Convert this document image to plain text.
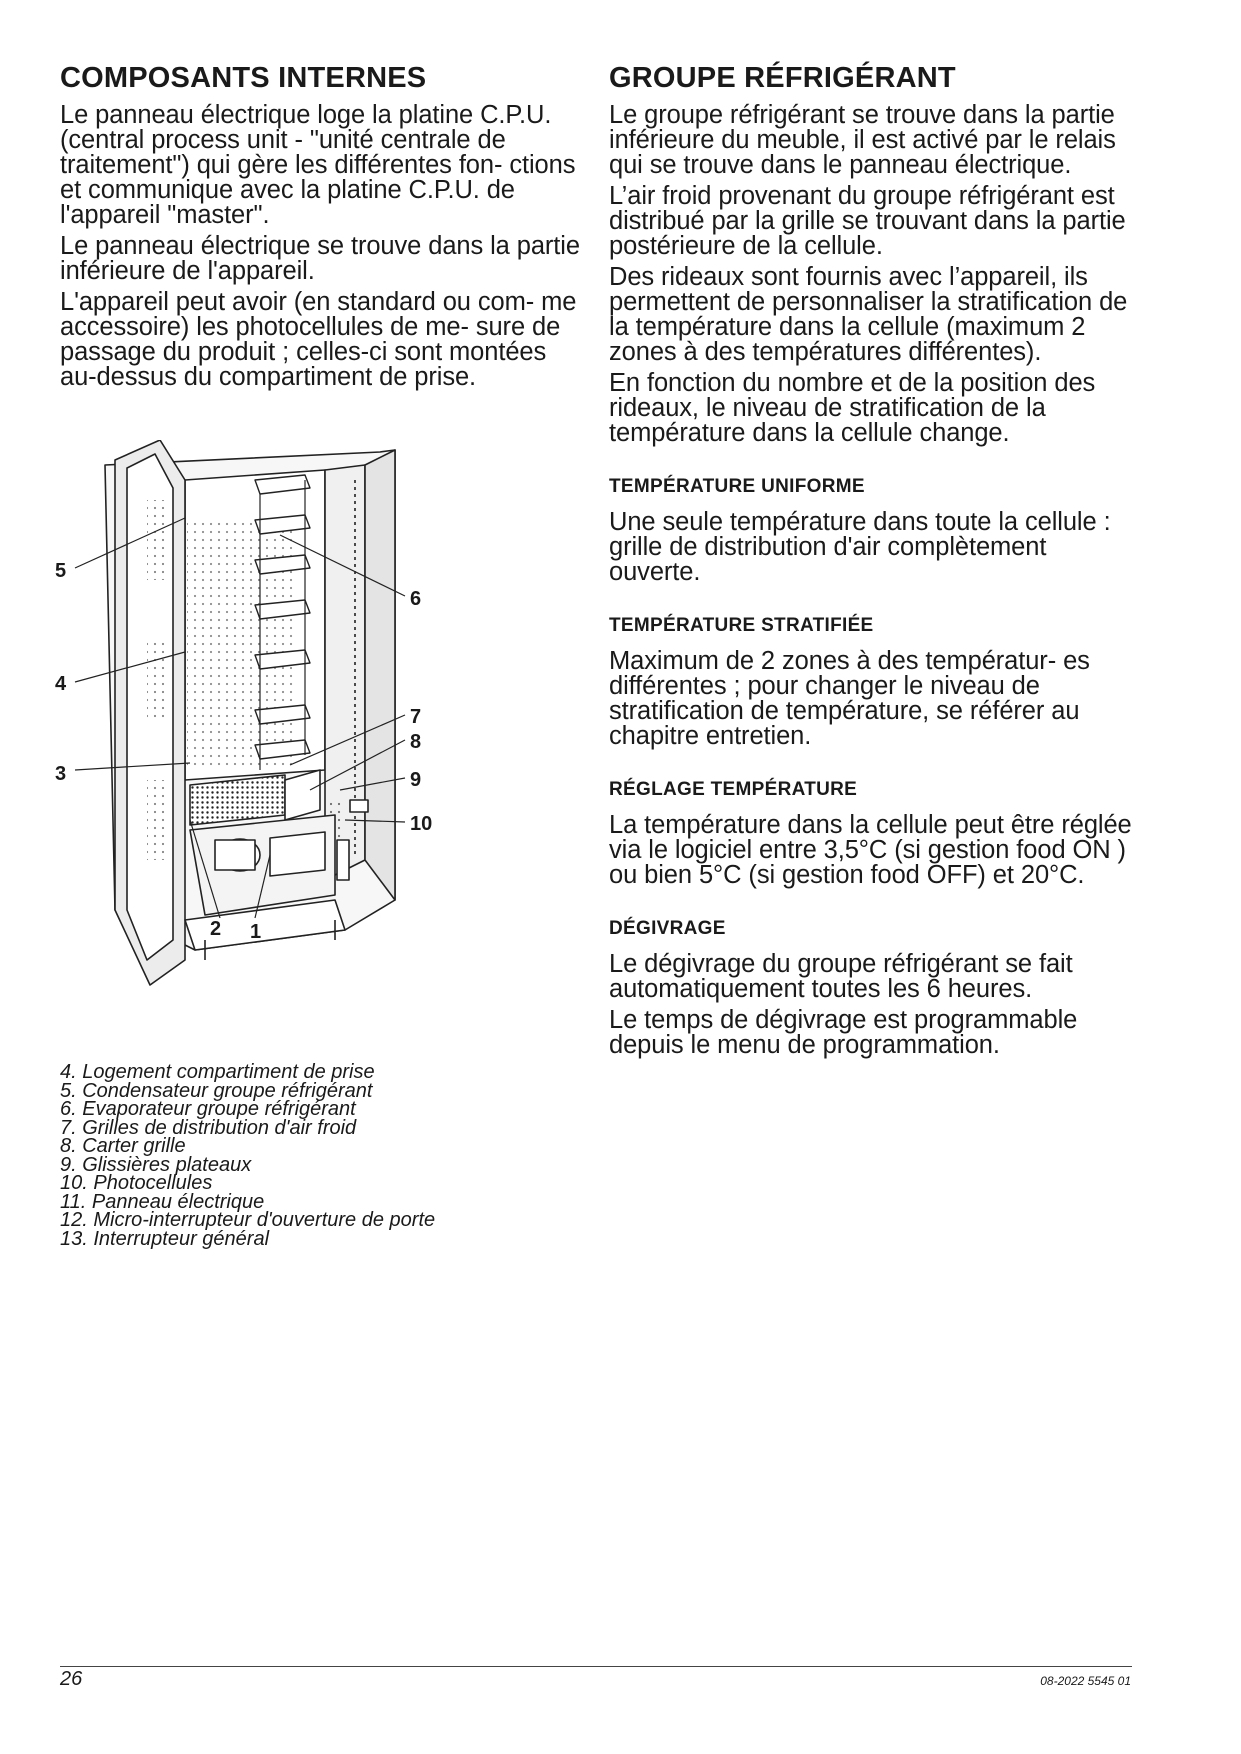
COMPOSANTS INTERNES

Le panneau électrique loge la platine C.P.U. (central process unit - "unité centrale de traitement") qui gère les différentes fon- ctions et communique avec la platine C.P.U. de l'appareil "master".

Le panneau électrique se trouve dans la partie inférieure de l'appareil.

L'appareil peut avoir (en standard ou com- me accessoire) les photocellules de me- sure de passage du produit ; celles-ci sont montées au-dessus du compartiment de prise.

5
4
3
6
7
8
9
10
2 1

4. Logement compartiment de prise

5. Condensateur groupe réfrigérant

6. Evaporateur groupe réfrigérant

7. Grilles de distribution d'air froid

8. Carter grille

9. Glissières plateaux

10. Photocellules

11. Panneau électrique

12. Micro-interrupteur d'ouverture de porte

13. Interrupteur général

GROUPE RÉFRIGÉRANT

Le groupe réfrigérant se trouve dans la partie inférieure du meuble, il est activé par le relais qui se trouve dans le panneau électrique.

L’air froid provenant du groupe réfrigérant est distribué par la grille se trouvant dans la partie postérieure de la cellule.

Des rideaux sont fournis avec l’appareil, ils permettent de personnaliser la stratification de la température dans la cellule (maximum 2 zones à des températures différentes).

En fonction du nombre et de la position des rideaux, le niveau de stratification de la température dans la cellule change.

TEMPÉRATURE UNIFORME

Une seule température dans toute la cellule : grille de distribution d'air complètement ouverte.

TEMPÉRATURE STRATIFIÉE

Maximum de 2 zones à des températur- es différentes ; pour changer le niveau de stratification de température, se référer au chapitre entretien.

RÉGLAGE TEMPÉRATURE

La température dans la cellule peut être réglée via le logiciel entre 3,5°C (si gestion food ON ) ou bien 5°C (si gestion food OFF) et 20°C.

DÉGIVRAGE

Le dégivrage du groupe réfrigérant se fait automatiquement toutes les 6 heures.

Le temps de dégivrage est programmable depuis le menu de programmation.

26	08-2022 5545 01
